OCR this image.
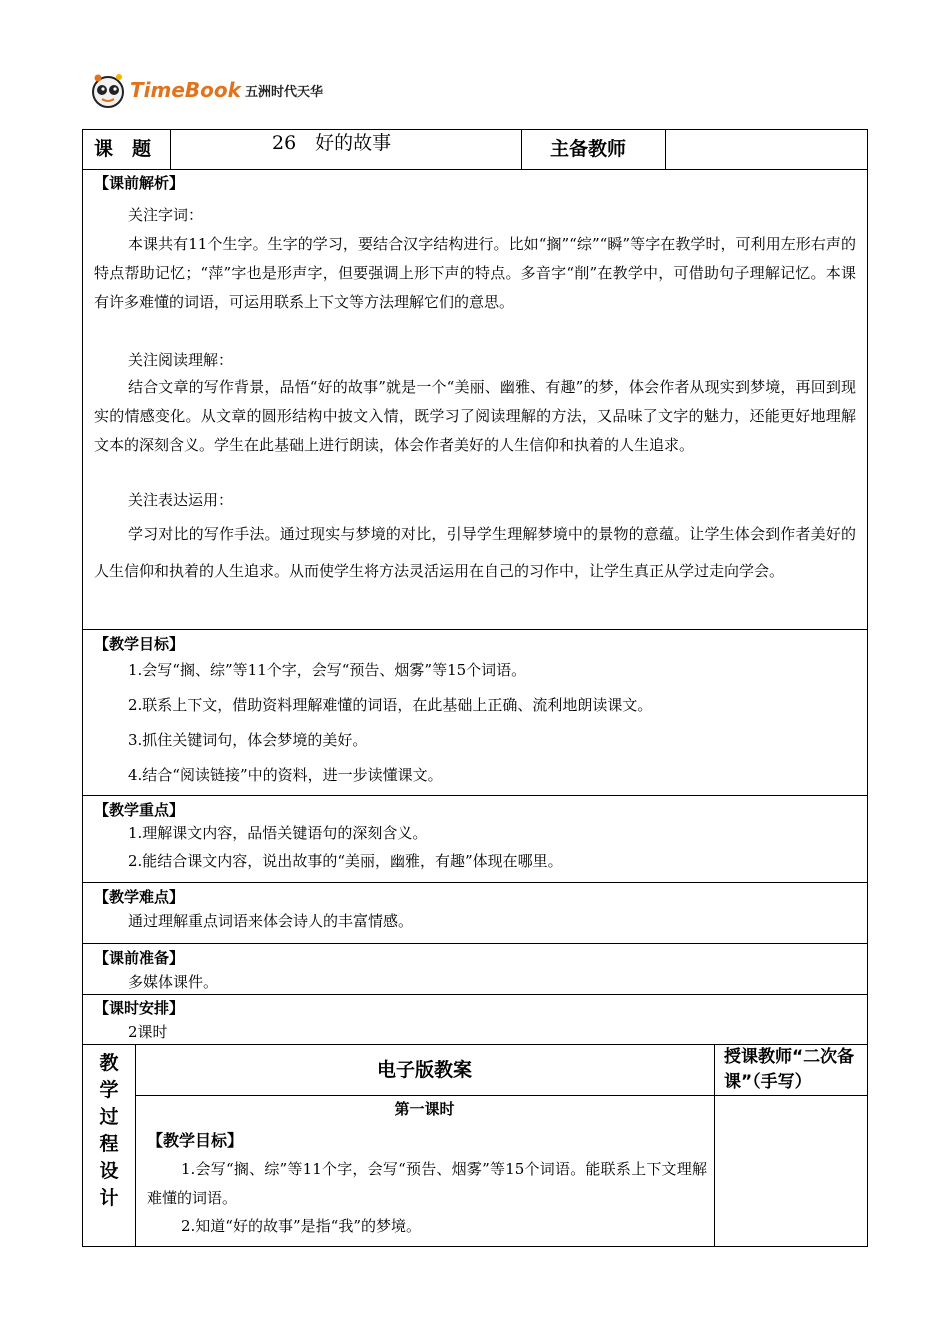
TimeBook 五洲时代天华
课　题	26　好的故事	主备教师
【课前解析】
关注字词：
本课共有11个生字。生字的学习，要结合汉字结构进行。比如“搁”“综”“瞬”等字在教学时，可利用左形右声的特点帮助记忆；“萍”字也是形声字，但要强调上形下声的特点。多音字“削”在教学中，可借助句子理解记忆。本课有许多难懂的词语，可运用联系上下文等方法理解它们的意思。
关注阅读理解：
结合文章的写作背景，品悟“好的故事”就是一个“美丽、幽雅、有趣”的梦，体会作者从现实到梦境，再回到现实的情感变化。从文章的圆形结构中披文入情，既学习了阅读理解的方法，又品味了文字的魅力，还能更好地理解文本的深刻含义。学生在此基础上进行朗读，体会作者美好的人生信仰和执着的人生追求。
关注表达运用：
学习对比的写作手法。通过现实与梦境的对比，引导学生理解梦境中的景物的意蕴。让学生体会到作者美好的人生信仰和执着的人生追求。从而使学生将方法灵活运用在自己的习作中，让学生真正从学过走向学会。
【教学目标】
1.会写“搁、综”等11个字，会写“预告、烟雾”等15个词语。
2.联系上下文，借助资料理解难懂的词语，在此基础上正确、流利地朗读课文。
3.抓住关键词句，体会梦境的美好。
4.结合“阅读链接”中的资料，进一步读懂课文。
【教学重点】
1.理解课文内容，品悟关键语句的深刻含义。
2.能结合课文内容，说出故事的“美丽，幽雅，有趣”体现在哪里。
【教学难点】
通过理解重点词语来体会诗人的丰富情感。
【课前准备】
多媒体课件。
【课时安排】
2课时
教
学
过
程
设
计
电子版教案
授课教师“二次备课”（手写）
第一课时
【教学目标】
1.会写“搁、综”等11个字，会写“预告、烟雾”等15个词语。能联系上下文理解难懂的词语。
2.知道“好的故事”是指“我”的梦境。
